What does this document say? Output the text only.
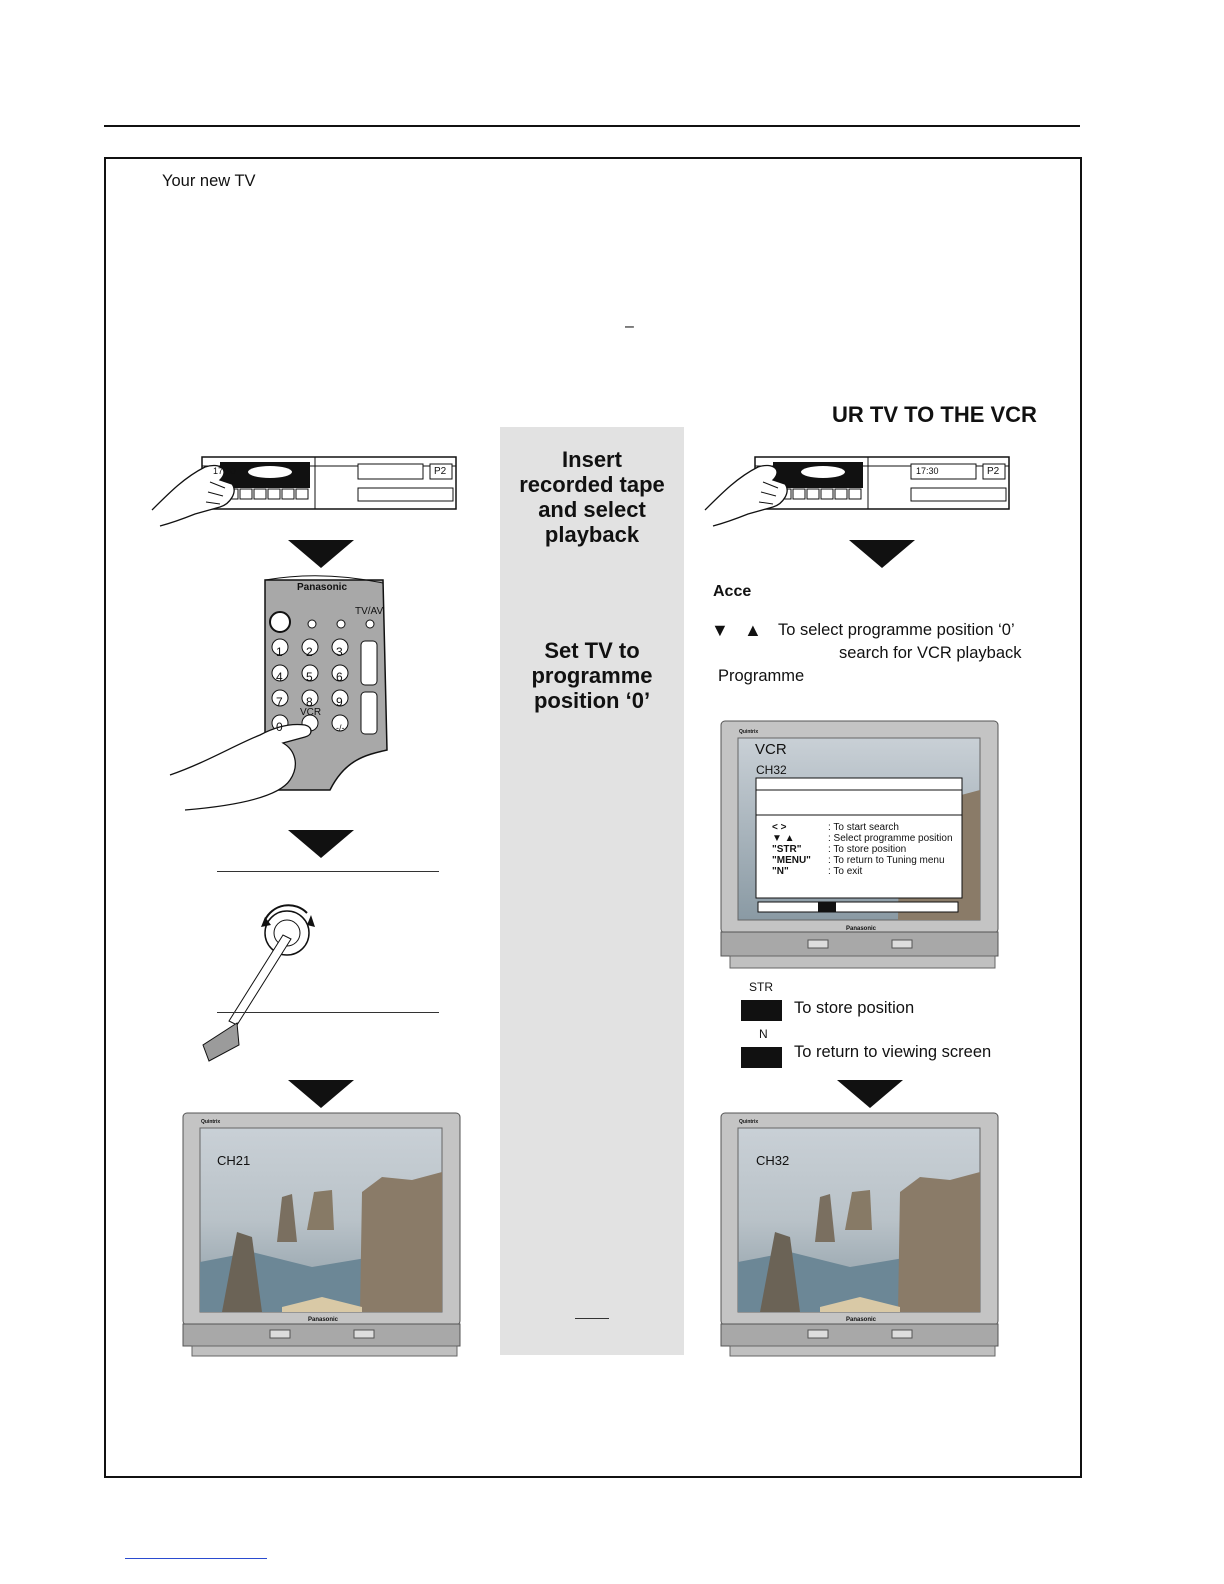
Your new TV
–
UR TV TO THE VCR
Insert
recorded tape
and select
playback
Set TV to
programme
position ‘0’
17:30	P2
Panasonic
TV/AV
VCR
1 2 3 4 5 6 7 8 9 0	-/-
Quintrix
Panasonic
CH21
17:30	P2
Acce
▼ ▲ To select programme position ‘0’
search for VCR playback
Programme
Quintrix
Panasonic
VCR
CH32
< >	: To start search
▼ ▲	: Select programme position
"STR"	: To store position
"MENU" : To return to Tuning menu
"N"	: To exit
STR
To store position
N
To return to viewing screen
Quintrix
Panasonic
CH32
